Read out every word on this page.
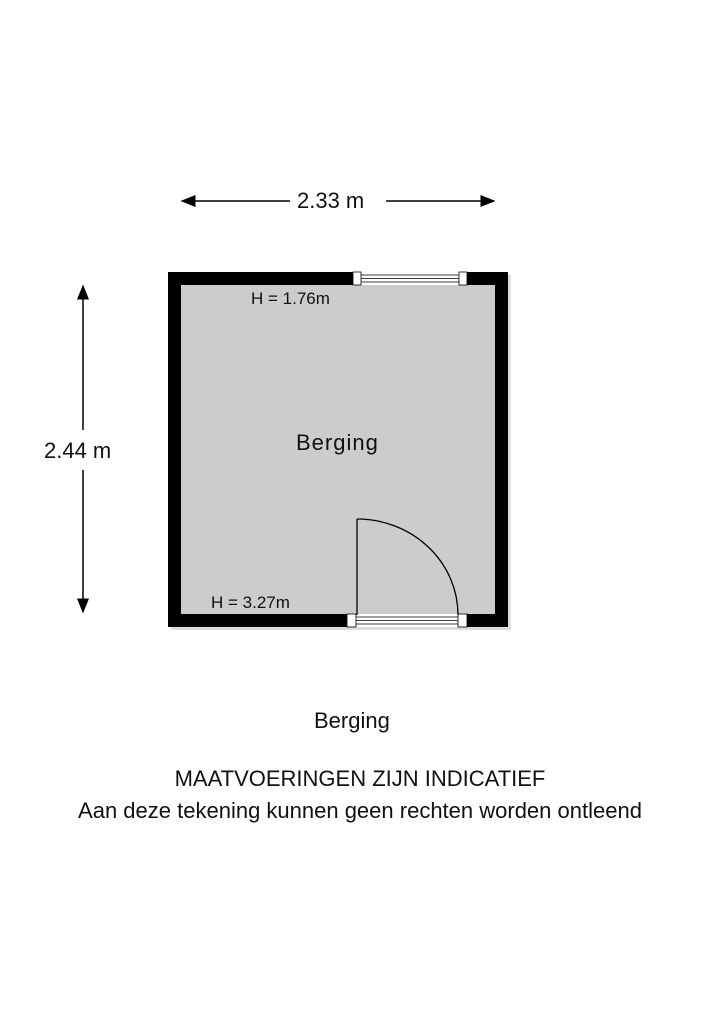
2.33 m
2.44 m
H = 1.76m
Berging
H = 3.27m
Berging
MAATVOERINGEN ZIJN INDICATIEF
Aan deze tekening kunnen geen rechten worden ontleend
